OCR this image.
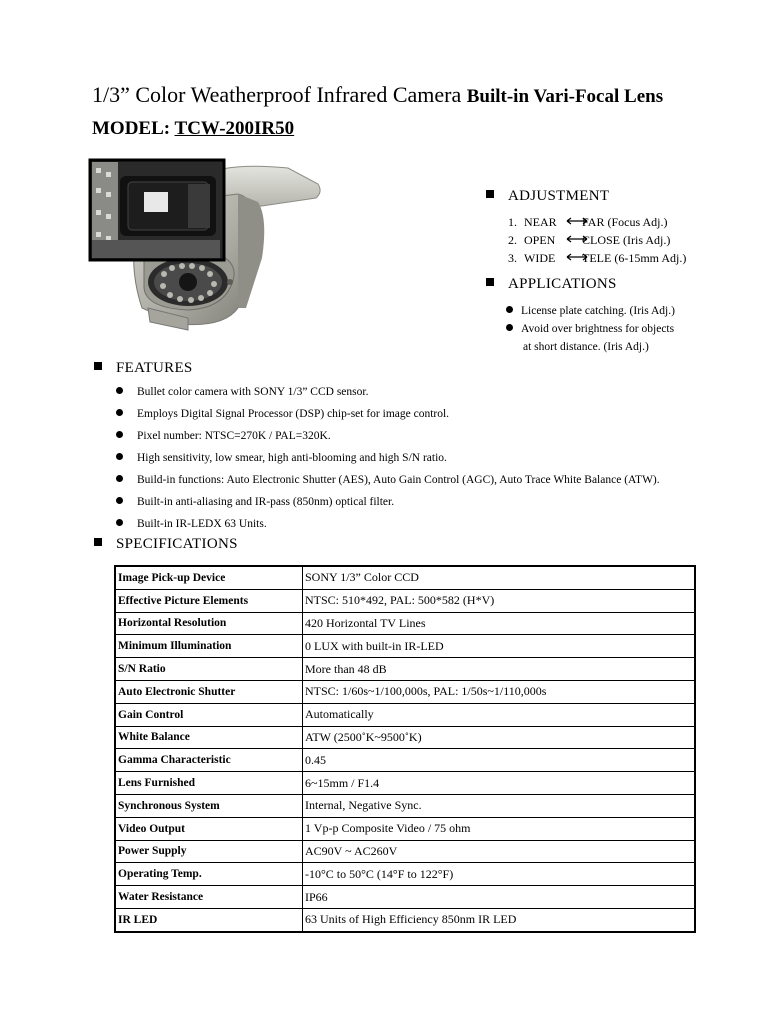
1/3” Color Weatherproof Infrared Camera Built-in Vari-Focal Lens
MODEL: TCW-200IR50
ADJUSTMENT
1. NEAR FAR (Focus Adj.)
2. OPEN CLOSE (Iris Adj.)
3. WIDE TELE (6-15mm Adj.)
APPLICATIONS
License plate catching. (Iris Adj.)
Avoid over brightness for objects
at short distance. (Iris Adj.)
FEATURES
Bullet color camera with SONY 1/3” CCD sensor.
Employs Digital Signal Processor (DSP) chip-set for image control.
Pixel number: NTSC=270K / PAL=320K.
High sensitivity, low smear, high anti-blooming and high S/N ratio.
Build-in functions: Auto Electronic Shutter (AES), Auto Gain Control (AGC), Auto Trace White Balance (ATW).
Built-in anti-aliasing and IR-pass (850nm) optical filter.
Built-in IR-LEDX 63 Units.
SPECIFICATIONS
Image Pick-up Device	SONY 1/3” Color CCD
Effective Picture Elements	NTSC: 510*492, PAL: 500*582 (H*V)
Horizontal Resolution	420 Horizontal TV Lines
Minimum Illumination	0 LUX with built-in IR-LED
S/N Ratio	More than 48 dB
Auto Electronic Shutter	NTSC: 1/60s~1/100,000s, PAL: 1/50s~1/110,000s
Gain Control	Automatically
White Balance	ATW (2500˚K~9500˚K)
Gamma Characteristic	0.45
Lens Furnished	6~15mm / F1.4
Synchronous System	Internal, Negative Sync.
Video Output	1 Vp-p Composite Video / 75 ohm
Power Supply	AC90V ~ AC260V
Operating Temp.	-10°C to 50°C (14°F to 122°F)
Water Resistance	IP66
IR LED	63 Units of High Efficiency 850nm IR LED
